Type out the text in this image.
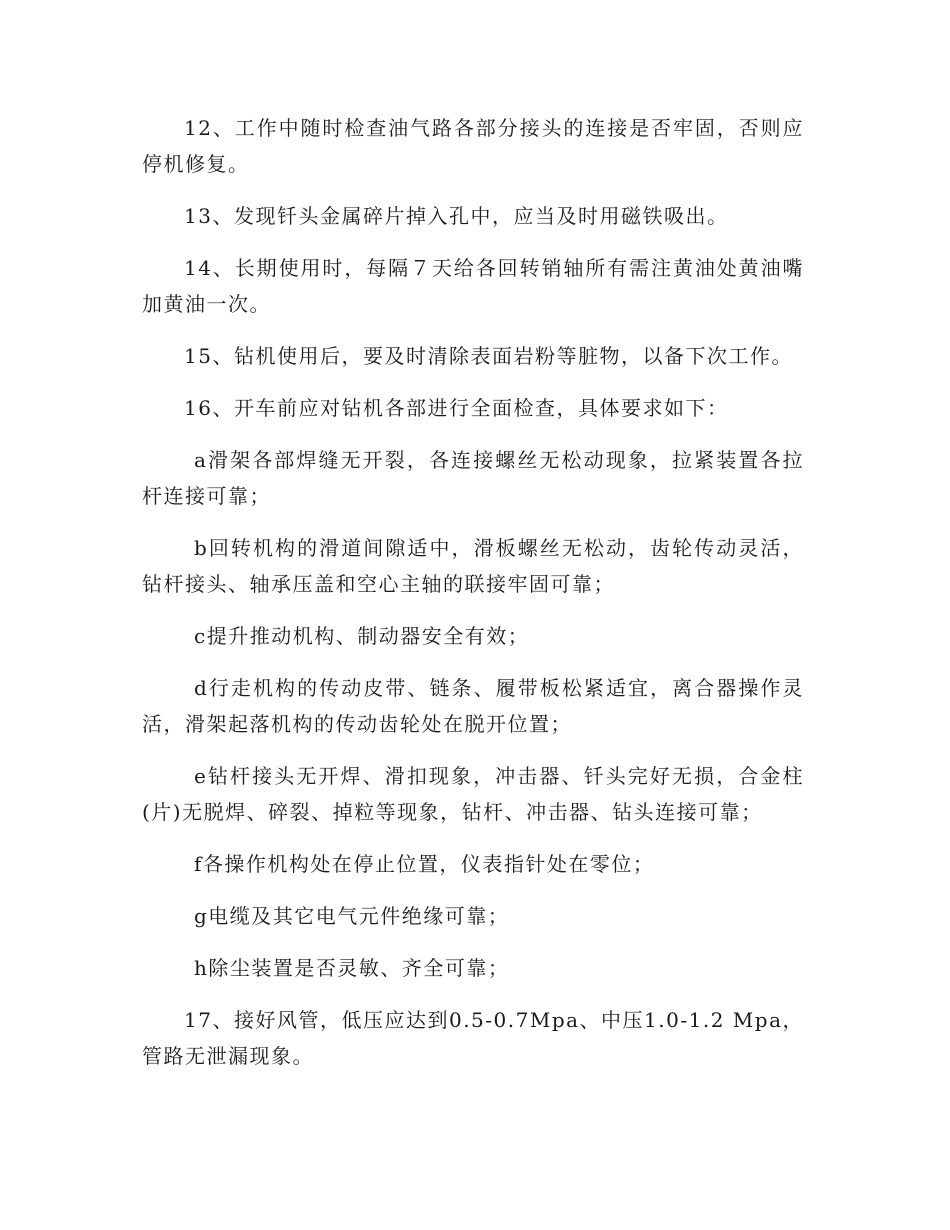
12、工作中随时检查油气路各部分接头的连接是否牢固，否则应停机修复。

13、发现钎头金属碎片掉入孔中，应当及时用磁铁吸出。

14、长期使用时，每隔７天给各回转销轴所有需注黄油处黄油嘴加黄油一次。

15、钻机使用后，要及时清除表面岩粉等脏物，以备下次工作。

16、开车前应对钻机各部进行全面检查，具体要求如下：

a滑架各部焊缝无开裂，各连接螺丝无松动现象，拉紧装置各拉杆连接可靠；

b回转机构的滑道间隙适中，滑板螺丝无松动，齿轮传动灵活，钻杆接头、轴承压盖和空心主轴的联接牢固可靠；

c提升推动机构、制动器安全有效；

d行走机构的传动皮带、链条、履带板松紧适宜，离合器操作灵活，滑架起落机构的传动齿轮处在脱开位置；

e钻杆接头无开焊、滑扣现象，冲击器、钎头完好无损，合金柱(片)无脱焊、碎裂、掉粒等现象，钻杆、冲击器、钻头连接可靠；

f各操作机构处在停止位置，仪表指针处在零位；

g电缆及其它电气元件绝缘可靠；

h除尘装置是否灵敏、齐全可靠；

17、接好风管，低压应达到0.5-0.7Mpa、中压1.0-1.2 Mpa，管路无泄漏现象。
